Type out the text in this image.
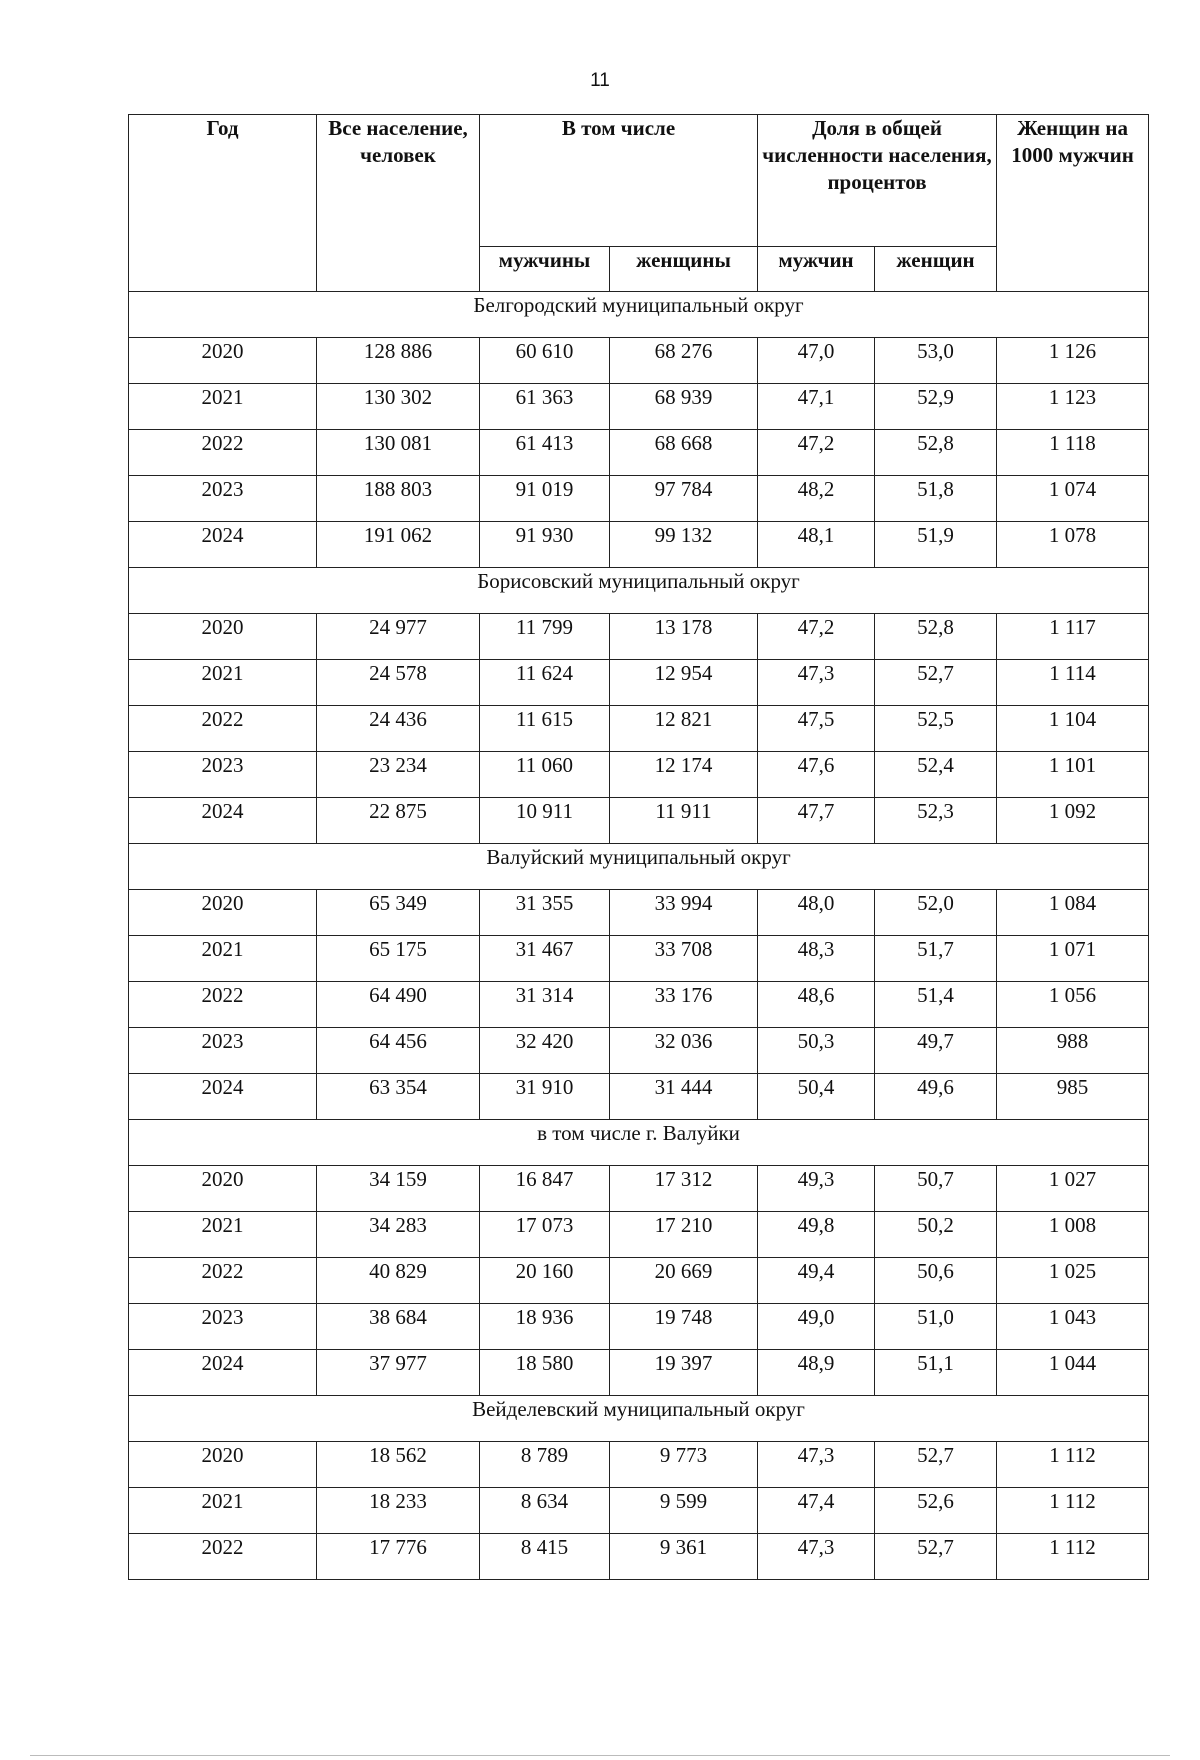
11
Год	Все население, человек	В том числе		Доля в общей численности населения, процентов		Женщин на 1000 мужчин
		мужчины	женщины	мужчин	женщин	
Белгородский муниципальный округ						
2020	128 886	60 610	68 276	47,0	53,0	1 126
2021	130 302	61 363	68 939	47,1	52,9	1 123
2022	130 081	61 413	68 668	47,2	52,8	1 118
2023	188 803	91 019	97 784	48,2	51,8	1 074
2024	191 062	91 930	99 132	48,1	51,9	1 078
Борисовский муниципальный округ						
2020	24 977	11 799	13 178	47,2	52,8	1 117
2021	24 578	11 624	12 954	47,3	52,7	1 114
2022	24 436	11 615	12 821	47,5	52,5	1 104
2023	23 234	11 060	12 174	47,6	52,4	1 101
2024	22 875	10 911	11 911	47,7	52,3	1 092
Валуйский муниципальный округ						
2020	65 349	31 355	33 994	48,0	52,0	1 084
2021	65 175	31 467	33 708	48,3	51,7	1 071
2022	64 490	31 314	33 176	48,6	51,4	1 056
2023	64 456	32 420	32 036	50,3	49,7	988
2024	63 354	31 910	31 444	50,4	49,6	985
в том числе г. Валуйки						
2020	34 159	16 847	17 312	49,3	50,7	1 027
2021	34 283	17 073	17 210	49,8	50,2	1 008
2022	40 829	20 160	20 669	49,4	50,6	1 025
2023	38 684	18 936	19 748	49,0	51,0	1 043
2024	37 977	18 580	19 397	48,9	51,1	1 044
Вейделевский муниципальный округ						
2020	18 562	8 789	9 773	47,3	52,7	1 112
2021	18 233	8 634	9 599	47,4	52,6	1 112
2022	17 776	8 415	9 361	47,3	52,7	1 112
